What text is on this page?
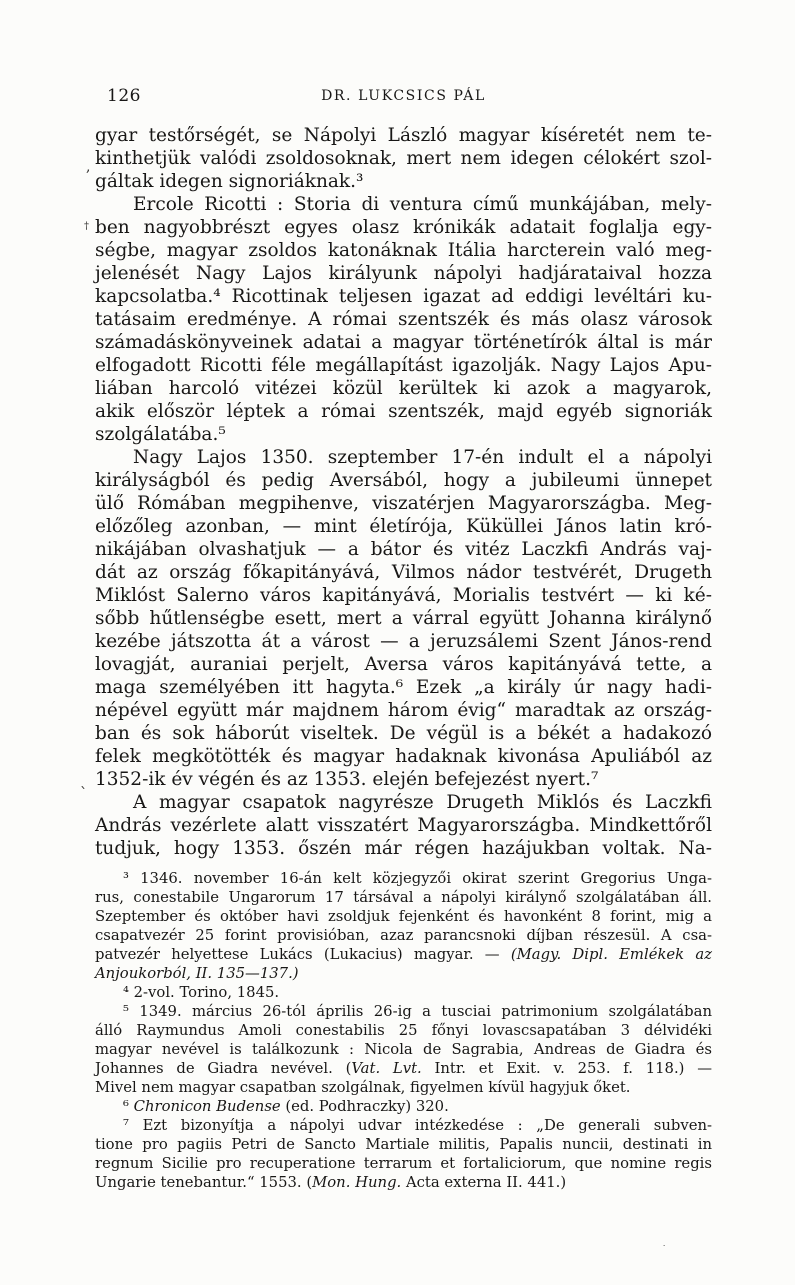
126	DR. LUKCSICS PÁL
gyar testőrségét, se Nápolyi László magyar kíséretét nem te-
kinthetjük valódi zsoldosoknak, mert nem idegen célokért szol-
gáltak idegen signoriáknak.³
Ercole Ricotti : Storia di ventura című munkájában, mely-
ben nagyobbrészt egyes olasz krónikák adatait foglalja egy-
ségbe, magyar zsoldos katonáknak Itália harcterein való meg-
jelenését Nagy Lajos királyunk nápolyi hadjárataival hozza
kapcsolatba.⁴ Ricottinak teljesen igazat ad eddigi levéltári ku-
tatásaim eredménye. A római szentszék és más olasz városok
számadáskönyveinek adatai a magyar történetírók által is már
elfogadott Ricotti féle megállapítást igazolják. Nagy Lajos Apu-
liában harcoló vitézei közül kerültek ki azok a magyarok,
akik először léptek a római szentszék, majd egyéb signoriák
szolgálatába.⁵
Nagy Lajos 1350. szeptember 17-én indult el a nápolyi
királyságból és pedig Aversából, hogy a jubileumi ünnepet
ülő Rómában megpihenve, viszatérjen Magyarországba. Meg-
előzőleg azonban, — mint életírója, Küküllei János latin kró-
nikájában olvashatjuk — a bátor és vitéz Laczkfi András vaj-
dát az ország főkapitányává, Vilmos nádor testvérét, Drugeth
Miklóst Salerno város kapitányává, Morialis testvért — ki ké-
sőbb hűtlenségbe esett, mert a várral együtt Johanna királynő
kezébe játszotta át a várost — a jeruzsálemi Szent János-rend
lovagját, auraniai perjelt, Aversa város kapitányává tette, a
maga személyében itt hagyta.⁶ Ezek „a király úr nagy hadi-
népével együtt már majdnem három évig“ maradtak az ország-
ban és sok háborút viseltek. De végül is a békét a hadakozó
felek megkötötték és magyar hadaknak kivonása Apuliából az
1352-ik év végén és az 1353. elején befejezést nyert.⁷
A magyar csapatok nagyrésze Drugeth Miklós és Laczkfi
András vezérlete alatt visszatért Magyarországba. Mindkettőről
tudjuk, hogy 1353. őszén már régen hazájukban voltak. Na-
³ 1346. november 16-án kelt közjegyzői okirat szerint Gregorius Unga-
rus, conestabile Ungarorum 17 társával a nápolyi királynő szolgálatában áll.
Szeptember és október havi zsoldjuk fejenként és havonként 8 forint, mig a
csapatvezér 25 forint provisióban, azaz parancsnoki díjban részesül. A csa-
patvezér helyettese Lukács (Lukacius) magyar. — (Magy. Dipl. Emlékek az
Anjoukorból, II. 135—137.)
⁴ 2-vol. Torino, 1845.
⁵ 1349. március 26-tól április 26-ig a tusciai patrimonium szolgálatában
álló Raymundus Amoli conestabilis 25 főnyi lovascsapatában 3 délvidéki
magyar nevével is találkozunk : Nicola de Sagrabia, Andreas de Giadra és
Johannes de Giadra nevével. (Vat. Lvt. Intr. et Exit. v. 253. f. 118.) —
Mivel nem magyar csapatban szolgálnak, figyelmen kívül hagyjuk őket.
⁶ Chronicon Budense (ed. Podhraczky) 320.
⁷ Ezt bizonyítja a nápolyi udvar intézkedése : „De generali subven-
tione pro pagiis Petri de Sancto Martiale militis, Papalis nuncii, destinati in
regnum Sicilie pro recuperatione terrarum et fortaliciorum, que nomine regis
Ungarie tenebantur.“ 1553. (Mon. Hung. Acta externa II. 441.)
,
†
`
·
